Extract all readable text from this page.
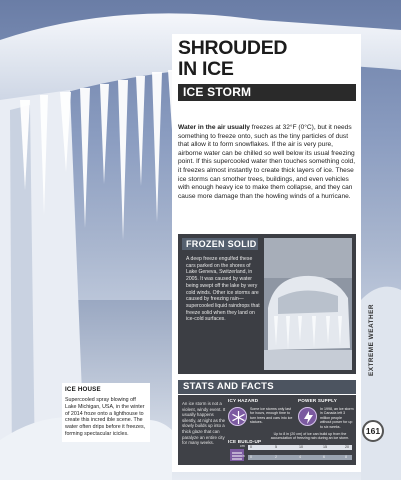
SHROUDED
IN ICE
ICE STORM
Water in the air usually freezes at 32°F (0°C), but it needs something to freeze onto, such as the tiny particles of dust that allow it to form snowflakes. If the air is very pure, airborne water can be chilled so well below its usual freezing point. If this supercooled water then touches something cold, it freezes almost instantly to create thick layers of ice. These ice storms can smother trees, buildings, and even vehicles with enough heavy ice to make them collapse, and they can cause more damage than the howling winds of a hurricane.
FROZEN SOLID
A deep freeze engulfed these cars parked on the shores of Lake Geneva, Switzerland, in 2005. It was caused by water being swept off the lake by very cold winds. Other ice storms are caused by freezing rain—supercooled liquid raindrops that freeze solid when they land on ice-cold surfaces.
STATS AND FACTS
An ice storm is not a violent, windy event. It usually happens silently, at night as the slowly builds up into a thick glaze that can paralyze an entire city for many weeks.
ICY HAZARD
Some ice storms only last for hours, enough time to turn trees and cars into ice statues.
POWER SUPPLY
In 1998, an ice storm in Canada left 3 million people without power for up to six weeks.
ICE BUILD-UP
Up to 8 in (20 cm) of ice can build up from the accumulation of freezing rain during an ice storm.
cm
in
0	5	10	15	20
0	2	4	6	8
ICE HOUSE
Supercooled spray blowing off Lake Michigan, USA, in the winter of 2014 froze onto a lighthouse to create this incred ible scene. The water often drips before it freezes, forming spectacular icicles.
EXTREME WEATHER
161
